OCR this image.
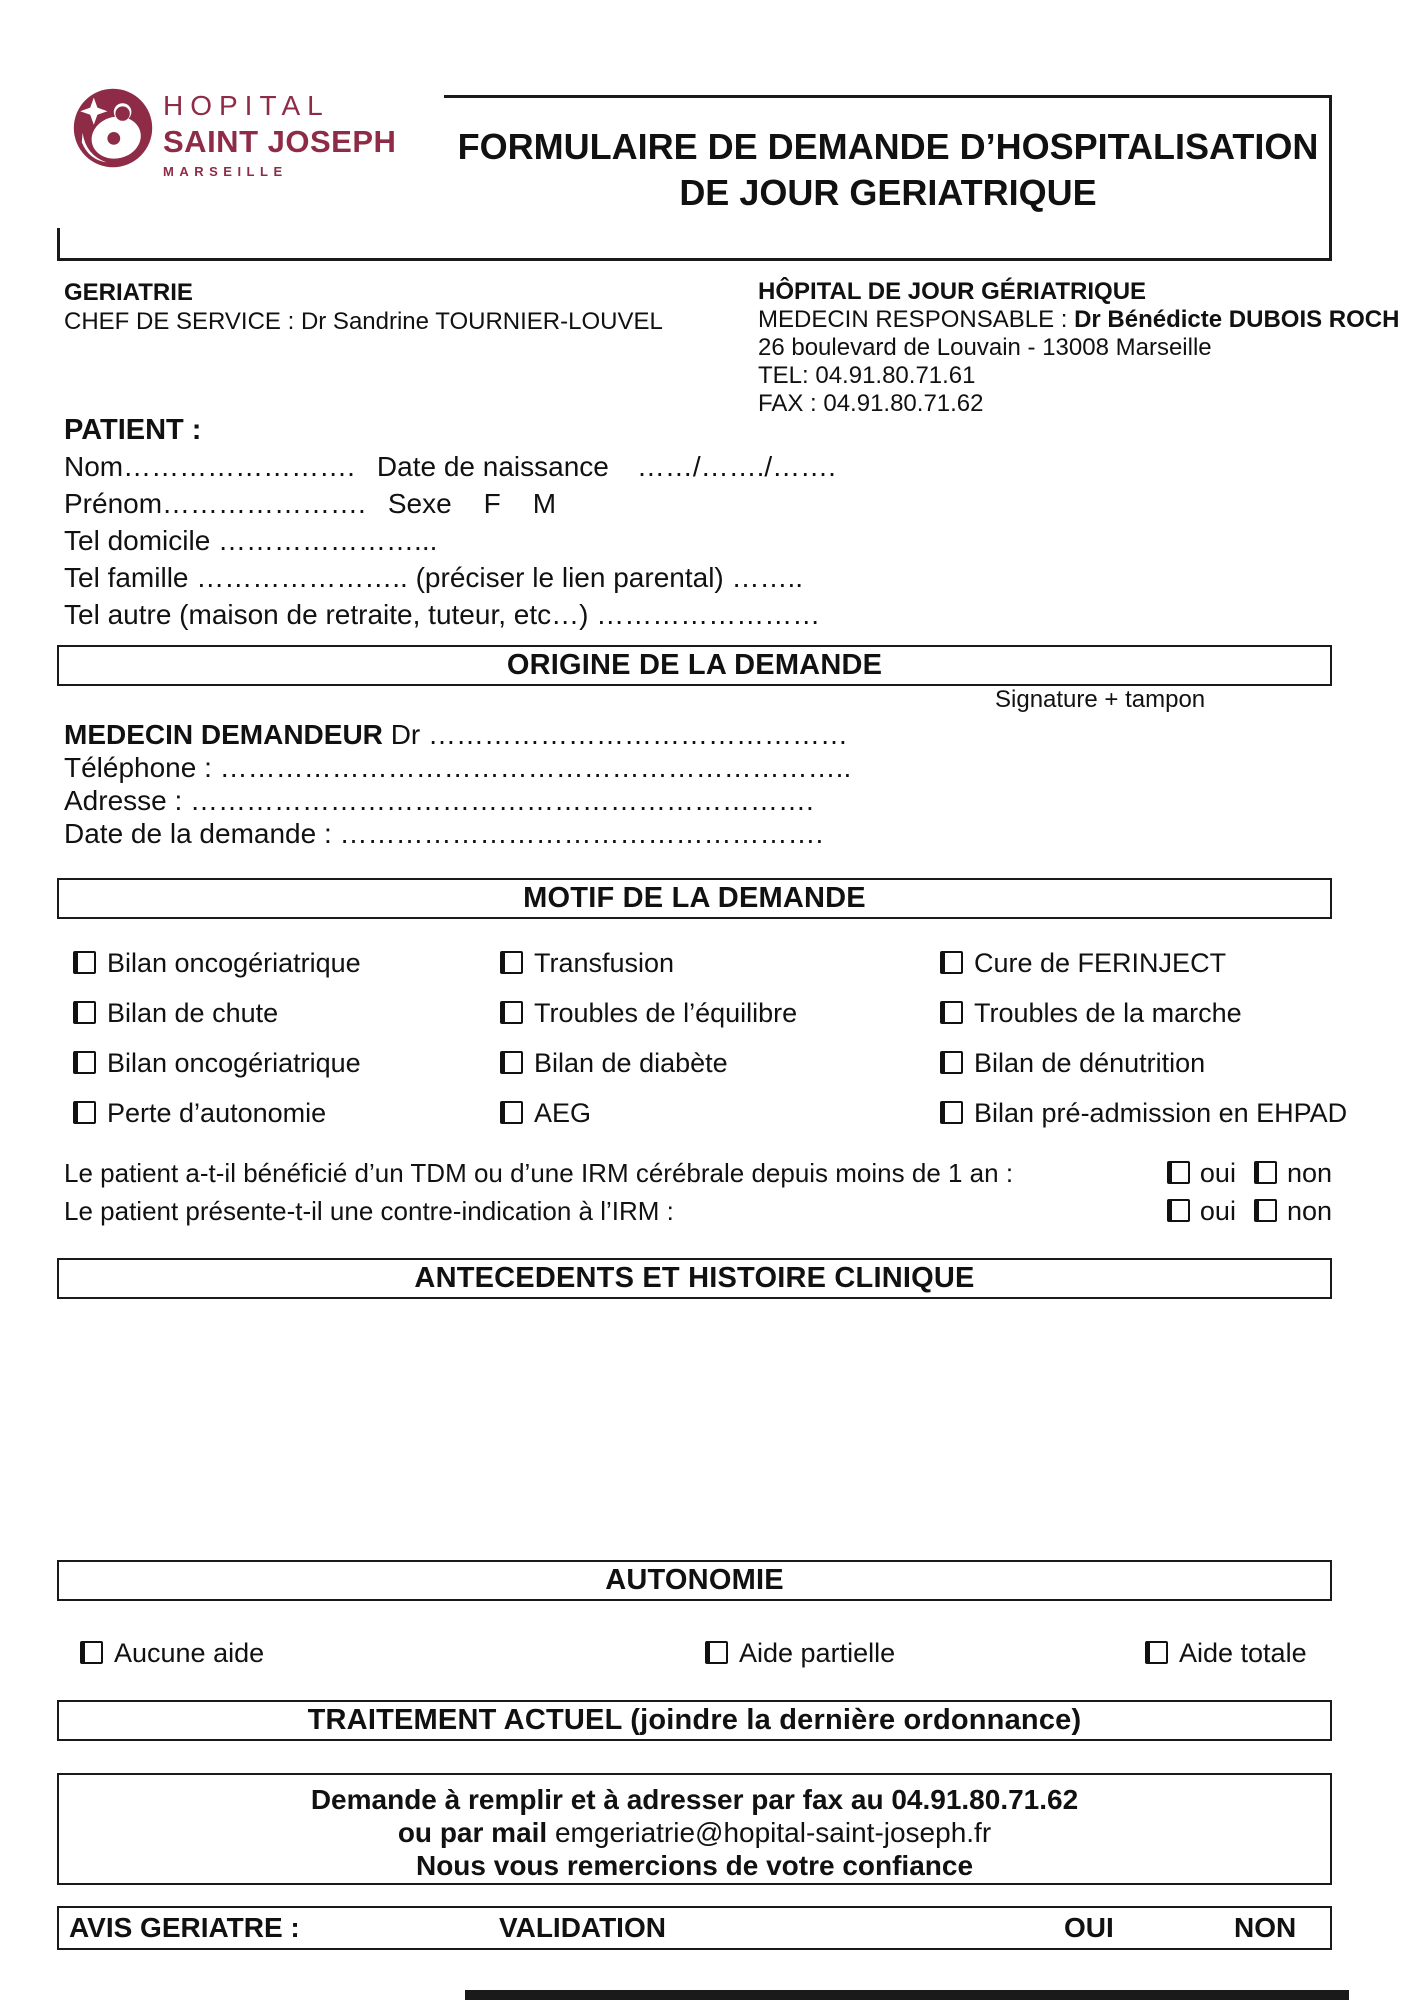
HOPITAL
SAINT JOSEPH
MARSEILLE
FORMULAIRE DE DEMANDE D’HOSPITALISATION
DE JOUR GERIATRIQUE
GERIATRIE
CHEF DE SERVICE : Dr Sandrine TOURNIER-LOUVEL
HÔPITAL DE JOUR GÉRIATRIQUE
MEDECIN RESPONSABLE : Dr Bénédicte DUBOIS ROCH
26 boulevard de Louvain - 13008 Marseille
TEL: 04.91.80.71.61
FAX : 04.91.80.71.62
PATIENT :
Nom……………………. Date de naissance ……/……./…….
Prénom…………………. Sexe F M
Tel domicile …………………...
Tel famille ………………….. (préciser le lien parental) ……..
Tel autre (maison de retraite, tuteur, etc…) ……………………
ORIGINE DE LA DEMANDE
Signature + tampon
MEDECIN DEMANDEUR Dr ………………………………………
Téléphone : …………………………………………………………..
Adresse : ………………………………………………………….
Date de la demande : …………………………………………….
MOTIF DE LA DEMANDE
Bilan oncogériatrique	Transfusion	Cure de FERINJECT
Bilan de chute	Troubles de l’équilibre	Troubles de la marche
Bilan oncogériatrique	Bilan de diabète	Bilan de dénutrition
Perte d’autonomie	AEG	Bilan pré-admission en EHPAD
Le patient a-t-il bénéficié d’un TDM ou d’une IRM cérébrale depuis moins de 1 an :	oui non
Le patient présente-t-il une contre-indication à l’IRM :	oui non
ANTECEDENTS ET HISTOIRE CLINIQUE
AUTONOMIE
Aucune aide	Aide partielle	Aide totale
TRAITEMENT ACTUEL (joindre la dernière ordonnance)
Demande à remplir et à adresser par fax au 04.91.80.71.62
ou par mail emgeriatrie@hopital-saint-joseph.fr
Nous vous remercions de votre confiance
AVIS GERIATRE :	VALIDATION	OUI	NON
